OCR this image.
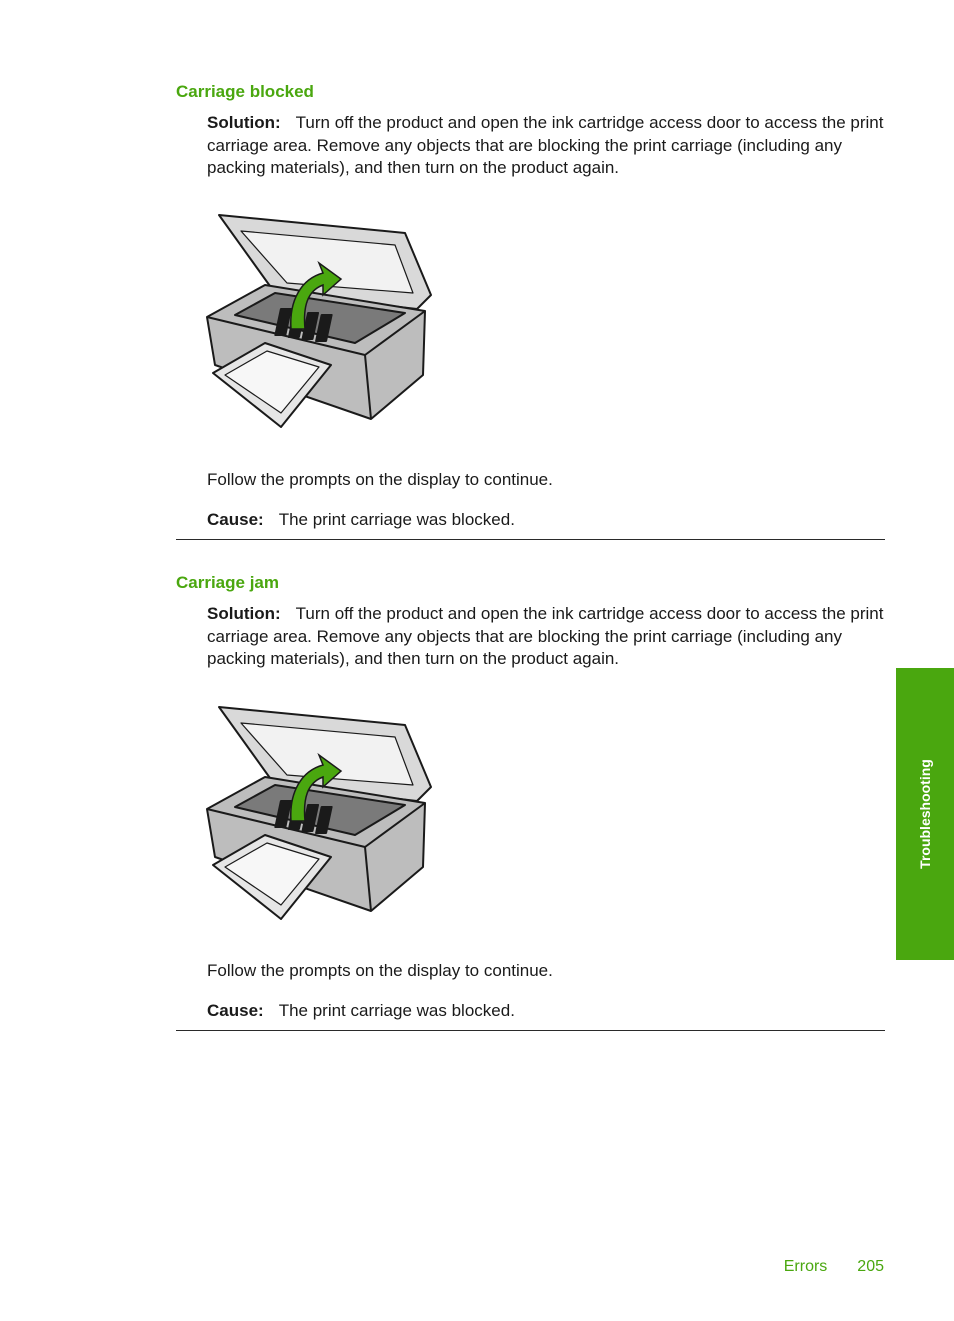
Carriage blocked

Solution: Turn off the product and open the ink cartridge access door to access the print carriage area. Remove any objects that are blocking the print carriage (including any packing materials), and then turn on the product again.

Follow the prompts on the display to continue.

Cause: The print carriage was blocked.

Carriage jam

Solution: Turn off the product and open the ink cartridge access door to access the print carriage area. Remove any objects that are blocking the print carriage (including any packing materials), and then turn on the product again.

Follow the prompts on the display to continue.

Cause: The print carriage was blocked.

Troubleshooting
Errors 205
